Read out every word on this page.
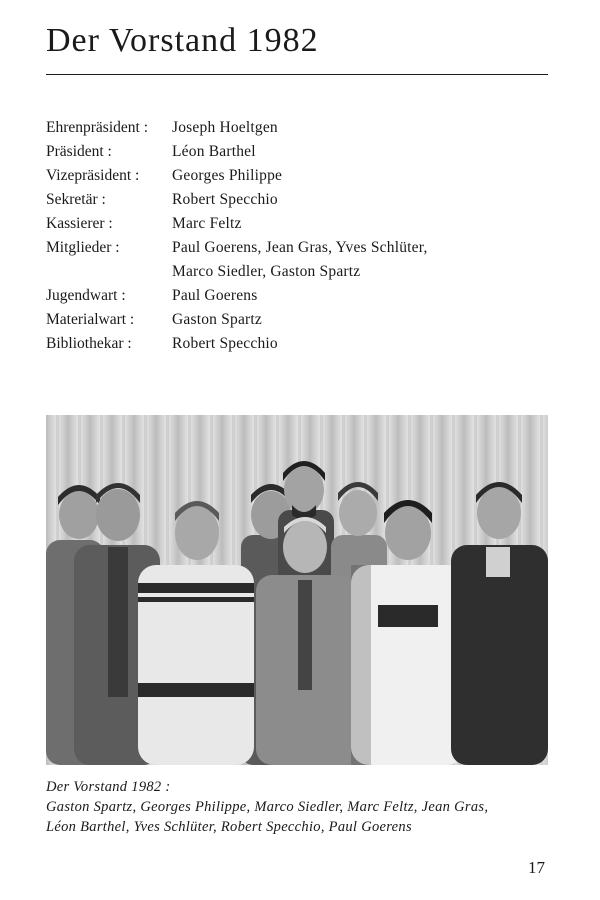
Der Vorstand 1982
Ehrenpräsident :	Joseph Hoeltgen
Präsident :	Léon Barthel
Vizepräsident :	Georges Philippe
Sekretär :	Robert Specchio
Kassierer :	Marc Feltz
Mitglieder :	Paul Goerens, Jean Gras, Yves Schlüter,
Marco Siedler, Gaston Spartz
Jugendwart :	Paul Goerens
Materialwart :	Gaston Spartz
Bibliothekar :	Robert Specchio
Der Vorstand 1982 :
Gaston Spartz, Georges Philippe, Marco Siedler, Marc Feltz, Jean Gras,
Léon Barthel, Yves Schlüter, Robert Specchio, Paul Goerens
17
